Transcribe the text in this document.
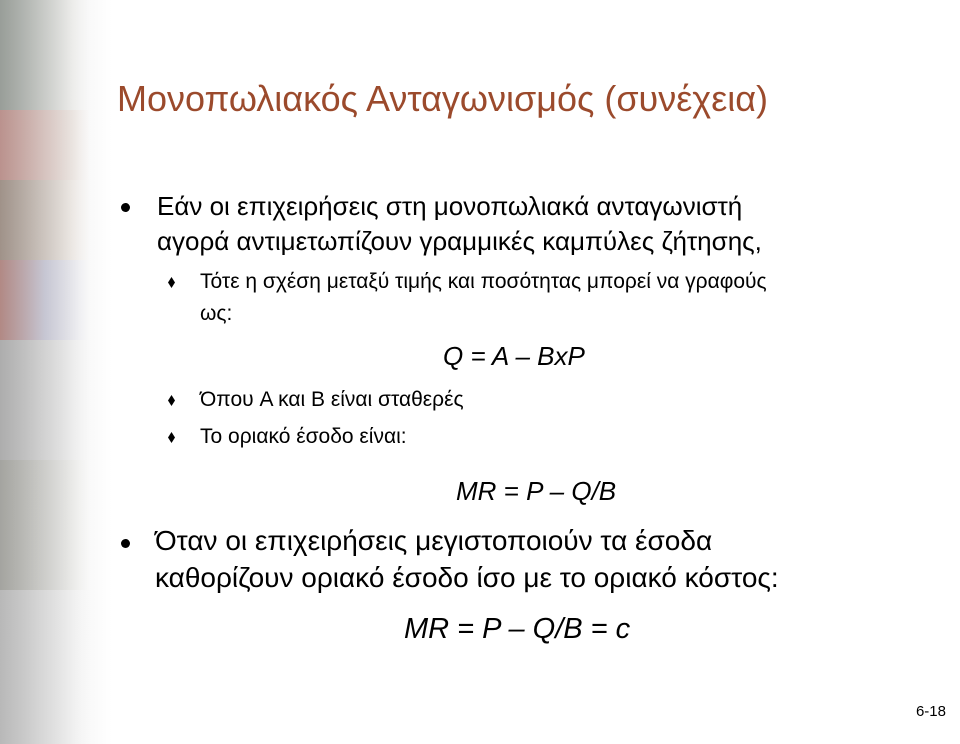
Μονοπωλιακός Ανταγωνισμός (συνέχεια)
Εάν οι επιχειρήσεις στη μονοπωλιακά ανταγωνιστή
αγορά αντιμετωπίζουν γραμμικές καμπύλες ζήτησης,
Τότε η σχέση μεταξύ τιμής και ποσότητας μπορεί να γραφούς
ως:
Q = A – BxP
Όπου A και B είναι σταθερές
Το οριακό έσοδο είναι:
MR = P – Q/B
Όταν οι επιχειρήσεις μεγιστοποιούν τα έσοδα
καθορίζουν οριακό έσοδο ίσο με το οριακό κόστος:
MR = P – Q/B = c
6-18
